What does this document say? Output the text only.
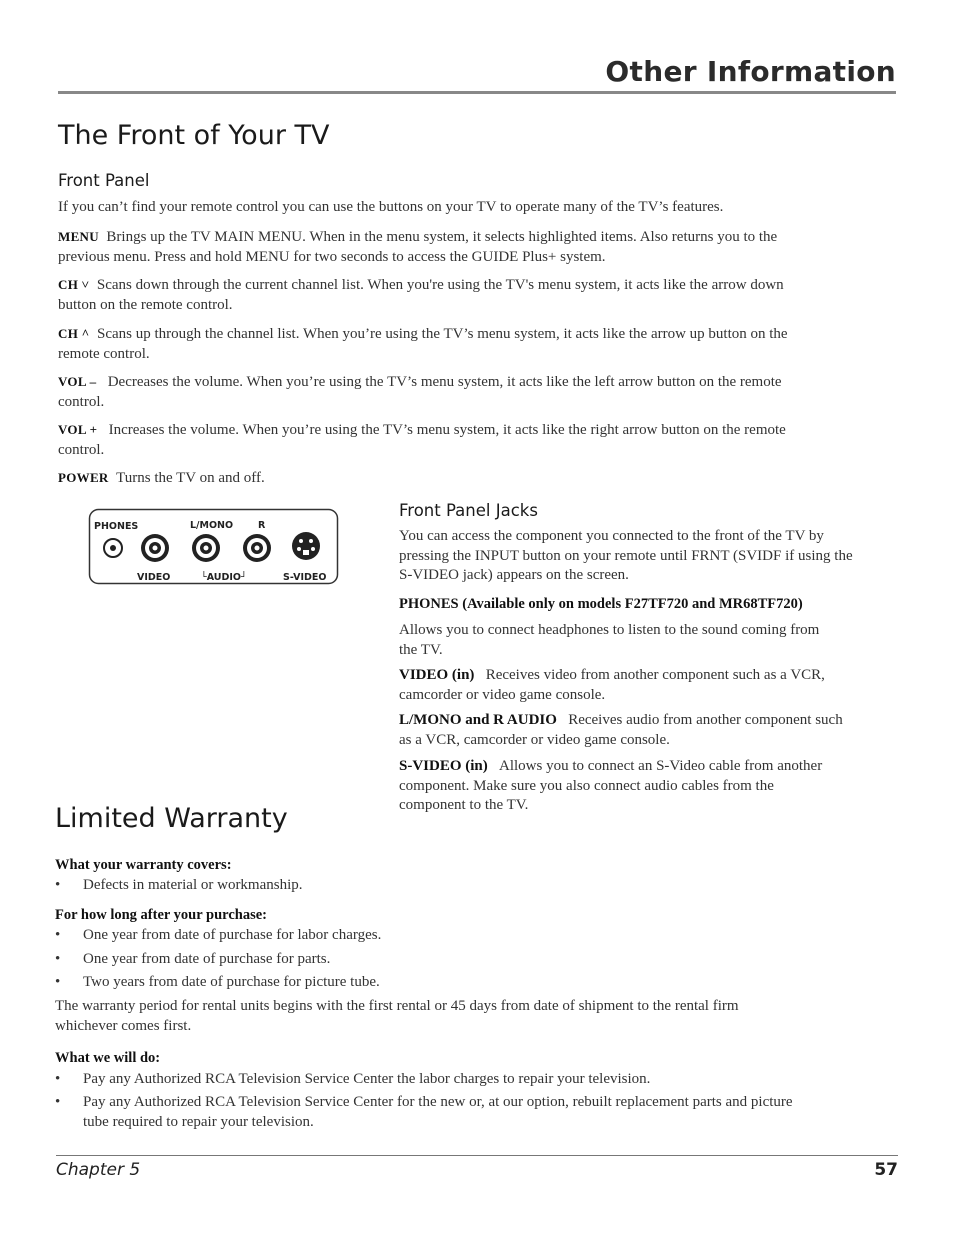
Other Information
The Front of Your TV
Front Panel
If you can’t find your remote control you can use the buttons on your TV to operate many of the TV’s features.
MENU Brings up the TV MAIN MENU. When in the menu system, it selects highlighted items. Also returns you to the
previous menu. Press and hold MENU for two seconds to access the GUIDE Plus+ system.
CH ˅ Scans down through the current channel list. When you're using the TV's menu system, it acts like the arrow down
button on the remote control.
CH ^ Scans up through the channel list. When you’re using the TV’s menu system, it acts like the arrow up button on the
remote control.
VOL – Decreases the volume. When you’re using the TV’s menu system, it acts like the left arrow button on the remote
control.
VOL + Increases the volume. When you’re using the TV’s menu system, it acts like the right arrow button on the remote
control.
POWER Turns the TV on and off.
PHONES	L/MONO	R
VIDEO	└AUDIO┘	S-VIDEO
Front Panel Jacks
You can access the component you connected to the front of the TV by
pressing the INPUT button on your remote until FRNT (SVIDF if using the
S-VIDEO jack) appears on the screen.
PHONES (Available only on models F27TF720 and MR68TF720)
Allows you to connect headphones to listen to the sound coming from
the TV.
VIDEO (in) Receives video from another component such as a VCR,
camcorder or video game console.
L/MONO and R AUDIO Receives audio from another component such
as a VCR, camcorder or video game console.
S-VIDEO (in) Allows you to connect an S-Video cable from another
component. Make sure you also connect audio cables from the
component to the TV.
Limited Warranty
What your warranty covers:
• Defects in material or workmanship.
For how long after your purchase:
• One year from date of purchase for labor charges.
• One year from date of purchase for parts.
• Two years from date of purchase for picture tube.
The warranty period for rental units begins with the first rental or 45 days from date of shipment to the rental firm
whichever comes first.
What we will do:
• Pay any Authorized RCA Television Service Center the labor charges to repair your television.
• Pay any Authorized RCA Television Service Center for the new or, at our option, rebuilt replacement parts and picture
tube required to repair your television.
Chapter 5	57
